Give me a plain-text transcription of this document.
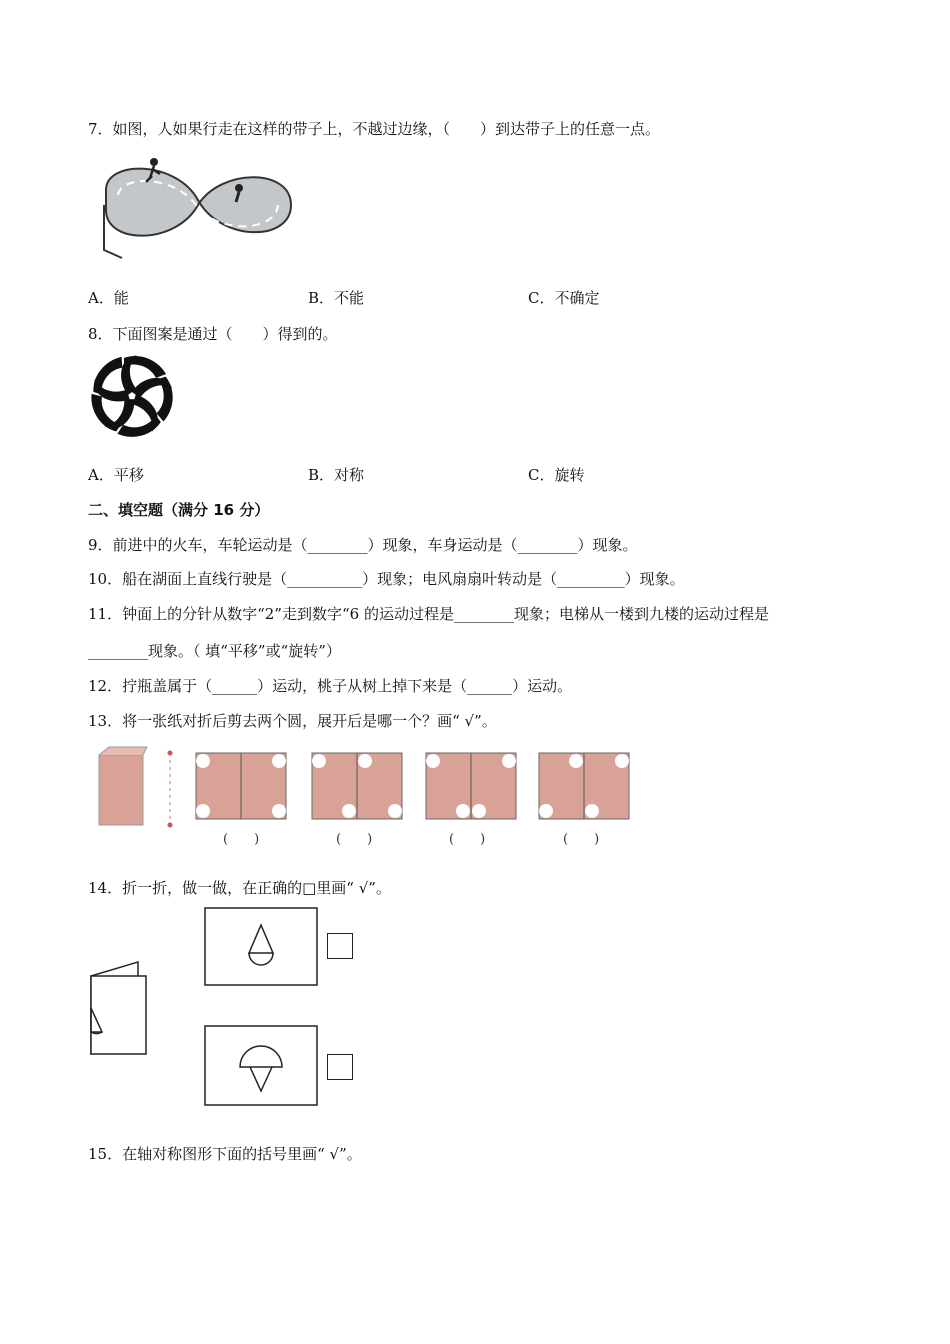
7．如图，人如果行走在这样的带子上，不越过边缘，（　　）到达带子上的任意一点。
A．能	B．不能	C．不确定
8．下面图案是通过（　　）得到的。
A．平移	B．对称	C．旋转
二、填空题（满分 16 分）
9．前进中的火车，车轮运动是（________）现象，车身运动是（________）现象。
10．船在湖面上直线行驶是（__________）现象；电风扇扇叶转动是（_________）现象。
11．钟面上的分针从数字“2”走到数字“6 的运动过程是________现象；电梯从一楼到九楼的运动过程是
________现象。（ 填“平移”或“旋转”）
12．拧瓶盖属于（______）运动，桃子从树上掉下来是（______）运动。
13．将一张纸对折后剪去两个圆，展开后是哪一个？画“ √”。
(　　)	(　　)	(　　)	(　　)
14．折一折，做一做，在正确的□里画“ √”。
15．在轴对称图形下面的括号里画“ √”。
